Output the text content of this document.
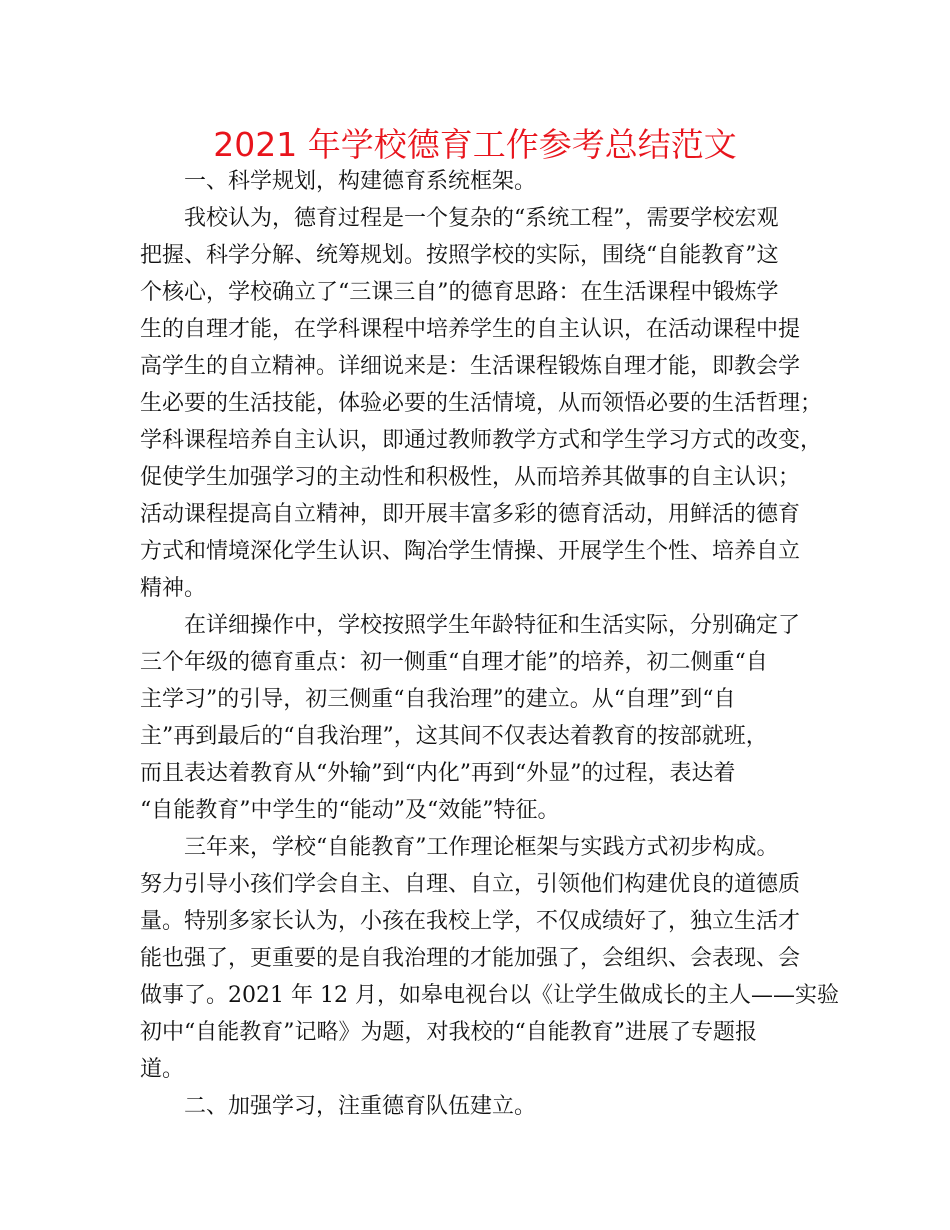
2021 年学校德育工作参考总结范文
一、科学规划，构建德育系统框架。
我校认为，德育过程是一个复杂的“系统工程”，需要学校宏观
把握、科学分解、统筹规划。按照学校的实际，围绕“自能教育”这
个核心，学校确立了“三课三自”的德育思路：在生活课程中锻炼学
生的自理才能，在学科课程中培养学生的自主认识，在活动课程中提
高学生的自立精神。详细说来是：生活课程锻炼自理才能，即教会学
生必要的生活技能，体验必要的生活情境，从而领悟必要的生活哲理；
学科课程培养自主认识，即通过教师教学方式和学生学习方式的改变，
促使学生加强学习的主动性和积极性，从而培养其做事的自主认识；
活动课程提高自立精神，即开展丰富多彩的德育活动，用鲜活的德育
方式和情境深化学生认识、陶冶学生情操、开展学生个性、培养自立
精神。
在详细操作中，学校按照学生年龄特征和生活实际，分别确定了
三个年级的德育重点：初一侧重“自理才能”的培养，初二侧重“自
主学习”的引导，初三侧重“自我治理”的建立。从“自理”到“自
主”再到最后的“自我治理”，这其间不仅表达着教育的按部就班，
而且表达着教育从“外输”到“内化”再到“外显”的过程，表达着
“自能教育”中学生的“能动”及“效能”特征。
三年来，学校“自能教育”工作理论框架与实践方式初步构成。
努力引导小孩们学会自主、自理、自立，引领他们构建优良的道德质
量。特别多家长认为，小孩在我校上学，不仅成绩好了，独立生活才
能也强了，更重要的是自我治理的才能加强了，会组织、会表现、会
做事了。2021 年 12 月，如皋电视台以《让学生做成长的主人——实验
初中“自能教育”记略》为题，对我校的“自能教育”进展了专题报
道。
二、加强学习，注重德育队伍建立。
